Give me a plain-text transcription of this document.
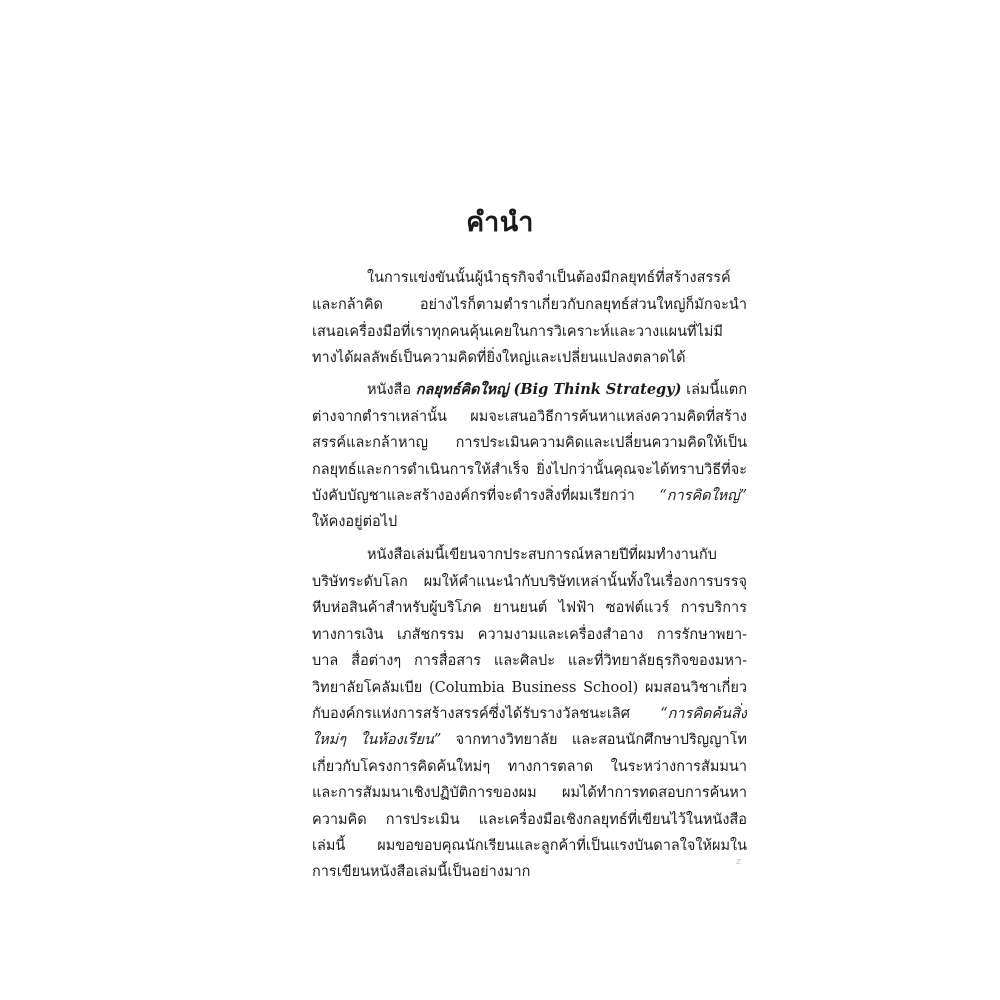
คำนำ
ในการแข่งขันนั้นผู้นำธุรกิจจำเป็นต้องมีกลยุทธ์ที่สร้างสรรค์
และกล้าคิด อย่างไรก็ตามตำราเกี่ยวกับกลยุทธ์ส่วนใหญ่ก็มักจะนำ
เสนอเครื่องมือที่เราทุกคนคุ้นเคยในการวิเคราะห์และวางแผนที่ไม่มี
ทางได้ผลลัพธ์เป็นความคิดที่ยิ่งใหญ่และเปลี่ยนแปลงตลาดได้
หนังสือ กลยุทธ์คิดใหญ่ (Big Think Strategy) เล่มนี้แตก
ต่างจากตำราเหล่านั้น ผมจะเสนอวิธีการค้นหาแหล่งความคิดที่สร้าง
สรรค์และกล้าหาญ การประเมินความคิดและเปลี่ยนความคิดให้เป็น
กลยุทธ์และการดำเนินการให้สำเร็จ ยิ่งไปกว่านั้นคุณจะได้ทราบวิธีที่จะ
บังคับบัญชาและสร้างองค์กรที่จะดำรงสิ่งที่ผมเรียกว่า “การคิดใหญ่”
ให้คงอยู่ต่อไป
หนังสือเล่มนี้เขียนจากประสบการณ์หลายปีที่ผมทำงานกับ
บริษัทระดับโลก ผมให้คำแนะนำกับบริษัทเหล่านั้นทั้งในเรื่องการบรรจุ
หีบห่อสินค้าสำหรับผู้บริโภค ยานยนต์ ไฟฟ้า ซอฟต์แวร์ การบริการ
ทางการเงิน เภสัชกรรม ความงามและเครื่องสำอาง การรักษาพยา-
บาล สื่อต่างๆ การสื่อสาร และศิลปะ และที่วิทยาลัยธุรกิจของมหา-
วิทยาลัยโคลัมเบีย (Columbia Business School) ผมสอนวิชาเกี่ยว
กับองค์กรแห่งการสร้างสรรค์ซึ่งได้รับรางวัลชนะเลิศ “การคิดค้นสิ่ง
ใหม่ๆ ในห้องเรียน” จากทางวิทยาลัย และสอนนักศึกษาปริญญาโท
เกี่ยวกับโครงการคิดค้นใหม่ๆ ทางการตลาด ในระหว่างการสัมมนา
และการสัมมนาเชิงปฏิบัติการของผม ผมได้ทำการทดสอบการค้นหา
ความคิด การประเมิน และเครื่องมือเชิงกลยุทธ์ที่เขียนไว้ในหนังสือ
เล่มนี้ ผมขอขอบคุณนักเรียนและลูกค้าที่เป็นแรงบันดาลใจให้ผมใน
การเขียนหนังสือเล่มนี้เป็นอย่างมาก
z
